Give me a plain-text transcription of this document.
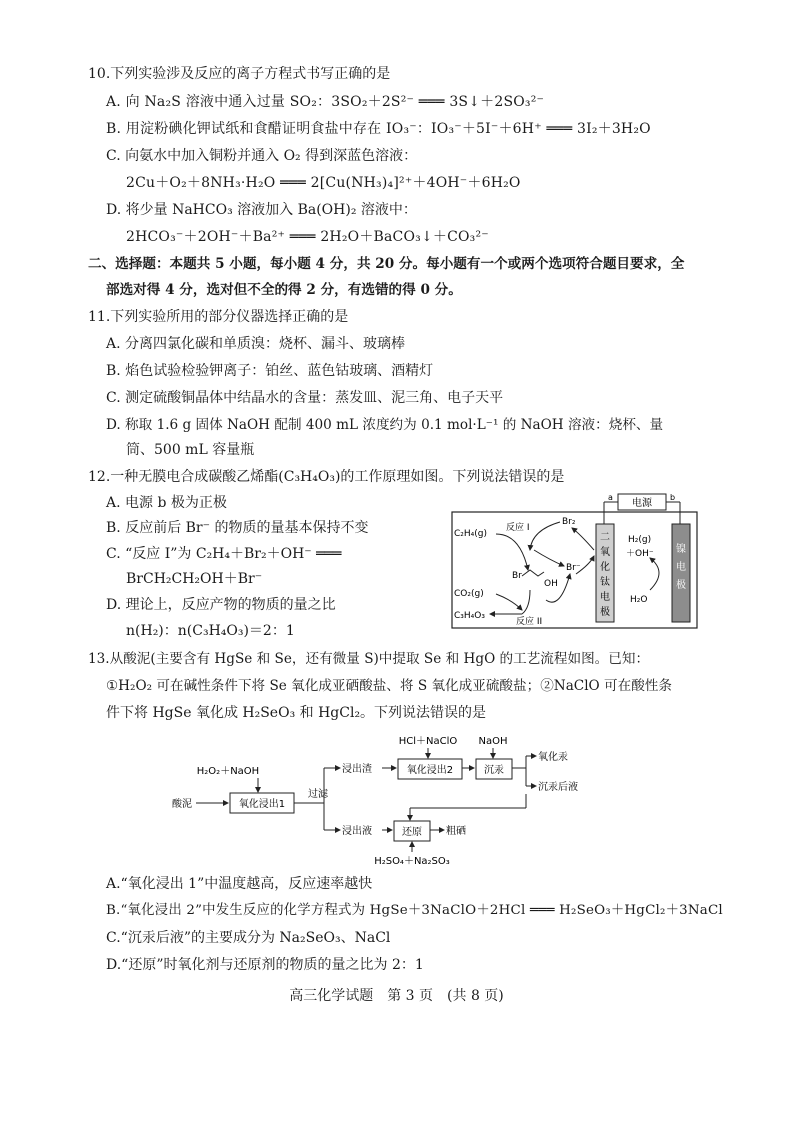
10.下列实验涉及反应的离子方程式书写正确的是
A. 向 Na₂S 溶液中通入过量 SO₂：3SO₂＋2S²⁻ ═══ 3S↓＋2SO₃²⁻
B. 用淀粉碘化钾试纸和食醋证明食盐中存在 IO₃⁻：IO₃⁻＋5I⁻＋6H⁺ ═══ 3I₂＋3H₂O
C. 向氨水中加入铜粉并通入 O₂ 得到深蓝色溶液：
2Cu＋O₂＋8NH₃·H₂O ═══ 2[Cu(NH₃)₄]²⁺＋4OH⁻＋6H₂O
D. 将少量 NaHCO₃ 溶液加入 Ba(OH)₂ 溶液中：
2HCO₃⁻＋2OH⁻＋Ba²⁺ ═══ 2H₂O＋BaCO₃↓＋CO₃²⁻
二、选择题：本题共 5 小题，每小题 4 分，共 20 分。每小题有一个或两个选项符合题目要求，全
部选对得 4 分，选对但不全的得 2 分，有选错的得 0 分。
11.下列实验所用的部分仪器选择正确的是
A. 分离四氯化碳和单质溴：烧杯、漏斗、玻璃棒
B. 焰色试验检验钾离子：铂丝、蓝色钴玻璃、酒精灯
C. 测定硫酸铜晶体中结晶水的含量：蒸发皿、泥三角、电子天平
D. 称取 1.6 g 固体 NaOH 配制 400 mL 浓度约为 0.1 mol·L⁻¹ 的 NaOH 溶液：烧杯、量
筒、500 mL 容量瓶
12.一种无膜电合成碳酸乙烯酯(C₃H₄O₃)的工作原理如图。下列说法错误的是
A. 电源 b 极为正极
B. 反应前后 Br⁻ 的物质的量基本保持不变
C. “反应 I”为 C₂H₄＋Br₂＋OH⁻ ═══
BrCH₂CH₂OH＋Br⁻
D. 理论上，反应产物的物质的量之比
n(H₂)：n(C₃H₄O₃)＝2：1
电源
a	b
二
氧
化
钛
电
极
镍
电
极
H₂(g)
＋OH⁻
H₂O
C₂H₄(g)
反应 I
Br₂
Br⁻
Br
OH
CO₂(g)
C₃H₄O₃
反应 II
13.从酸泥(主要含有 HgSe 和 Se，还有微量 S)中提取 Se 和 HgO 的工艺流程如图。已知：
①H₂O₂ 可在碱性条件下将 Se 氧化成亚硒酸盐、将 S 氧化成亚硫酸盐；②NaClO 可在酸性条
件下将 HgSe 氧化成 H₂SeO₃ 和 HgCl₂。下列说法错误的是
H₂O₂＋NaOH
酸泥	氧化浸出1
过滤
浸出渣
HCl＋NaClO
氧化浸出2
NaOH
沉汞
氧化汞
沉汞后液
浸出液	还原 粗硒
H₂SO₄＋Na₂SO₃
A.“氧化浸出 1”中温度越高，反应速率越快
B.“氧化浸出 2”中发生反应的化学方程式为 HgSe＋3NaClO＋2HCl ═══ H₂SeO₃＋HgCl₂＋3NaCl
C.“沉汞后液”的主要成分为 Na₂SeO₃、NaCl
D.“还原”时氧化剂与还原剂的物质的量之比为 2：1
高三化学试题　第 3 页　(共 8 页)
